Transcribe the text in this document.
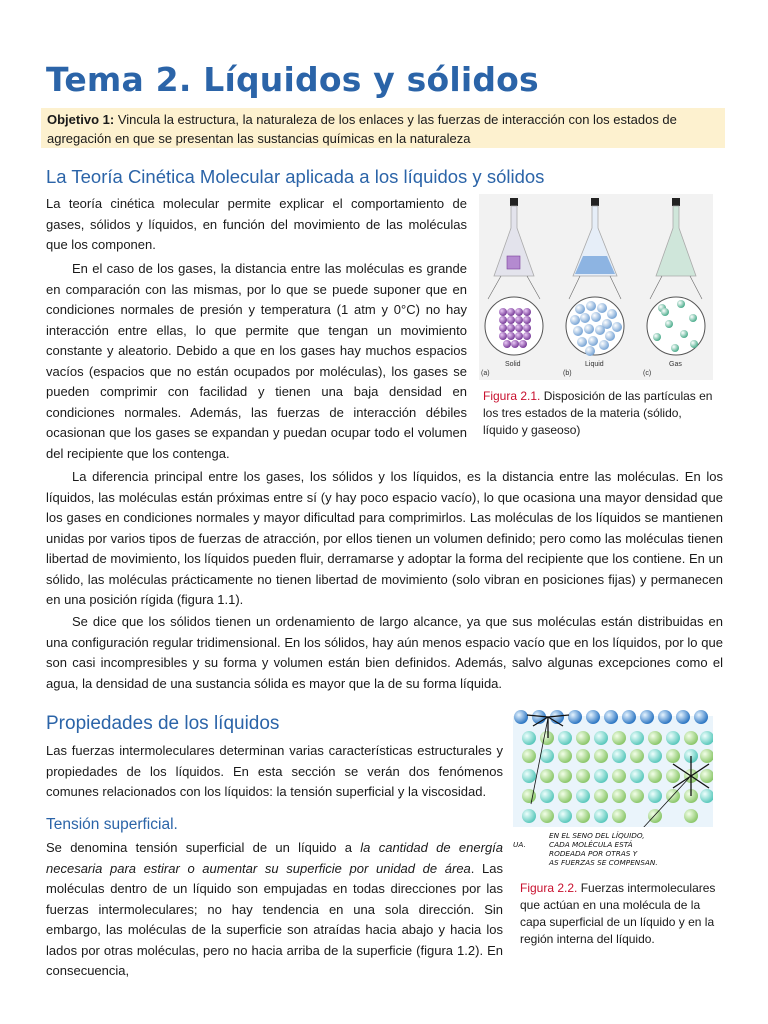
Tema 2. Líquidos y sólidos
Objetivo 1: Vincula la estructura, la naturaleza de los enlaces y las fuerzas de interacción con los estados de agregación en que se presentan las sustancias químicas en la naturaleza
La Teoría Cinética Molecular aplicada a los líquidos y sólidos

La teoría cinética molecular permite explicar el comportamiento de gases, sólidos y líquidos, en función del movimiento de las moléculas que los componen.

En el caso de los gases, la distancia entre las moléculas es grande en comparación con las mismas, por lo que se puede suponer que en condiciones normales de presión y temperatura (1 atm y 0°C) no hay interacción entre ellas, lo que permite que tengan un movimiento constante y aleatorio. Debido a que en los gases hay muchos espacios vacíos (espacios que no están ocupados por moléculas), los gases se pueden comprimir con facilidad y tienen una baja densidad en condiciones normales. Además, las fuerzas de interacción débiles ocasionan que los gases se expandan y puedan ocupar todo el volumen del recipiente que los contenga.

(a)
Solid
(b)
Liquid
(c)
Gas

Figura 2.1. Disposición de las partículas en los tres estados de la materia (sólido, líquido y gaseoso)

La diferencia principal entre los gases, los sólidos y los líquidos, es la distancia entre las moléculas. En los líquidos, las moléculas están próximas entre sí (y hay poco espacio vacío), lo que ocasiona una mayor densidad que los gases en condiciones normales y mayor dificultad para comprimirlos. Las moléculas de los líquidos se mantienen unidas por varios tipos de fuerzas de atracción, por ellos tienen un volumen definido; pero como las moléculas tienen libertad de movimiento, los líquidos pueden fluir, derramarse y adoptar la forma del recipiente que los contiene. En un sólido, las moléculas prácticamente no tienen libertad de movimiento (solo vibran en posiciones fijas) y permanecen en una posición rígida (figura 1.1).

Se dice que los sólidos tienen un ordenamiento de largo alcance, ya que sus moléculas están distribuidas en una configuración regular tridimensional. En los sólidos, hay aún menos espacio vacío que en los líquidos, por lo que son casi incompresibles y su forma y volumen están bien definidos. Además, salvo algunas excepciones como el agua, la densidad de una sustancia sólida es mayor que la de su forma líquida.

Propiedades de los líquidos

Las fuerzas intermoleculares determinan varias características estructurales y propiedades de los líquidos. En esta sección se verán dos fenómenos comunes relacionados con los líquidos: la tensión superficial y la viscosidad.

Tensión superficial.

Se denomina tensión superficial de un líquido a la cantidad de energía necesaria para estirar o aumentar su superficie por unidad de área. Las moléculas dentro de un líquido son empujadas en todas direcciones por las fuerzas intermoleculares; no hay tendencia en una sola dirección. Sin embargo, las moléculas de la superficie son atraídas hacia abajo y hacia los lados por otras moléculas, pero no hacia arriba de la superficie (figura 1.2). En consecuencia,

EN EL SENO DEL LÍQUIDO,
CADA MOLÉCULA ESTÁ
RODEADA POR OTRAS Y
AS FUERZAS SE COMPENSAN.
UA.

Figura 2.2. Fuerzas intermoleculares que actúan en una molécula de la capa superficial de un líquido y en la región interna del líquido.
